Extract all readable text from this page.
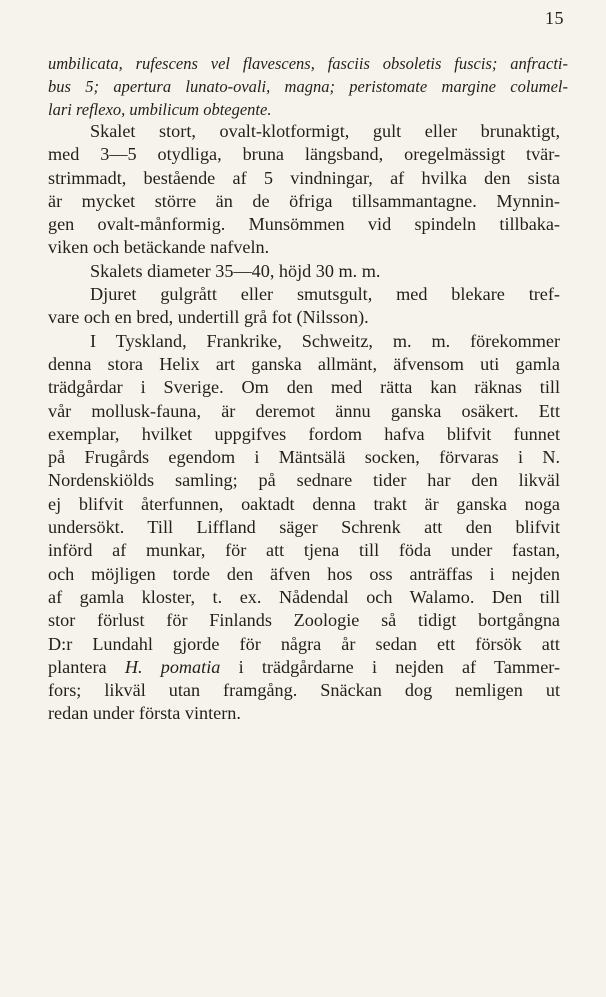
15
umbilicata, rufescens vel flavescens, fasciis obsoletis fuscis; anfracti-
bus 5; apertura lunato-ovali, magna; peristomate margine columel-
lari reflexo, umbilicum obtegente.
Skalet stort, ovalt-klotformigt, gult eller brunaktigt,
med 3—5 otydliga, bruna längsband, oregelmässigt tvär-
strimmadt, bestående af 5 vindningar, af hvilka den sista
är mycket större än de öfriga tillsammantagne. Mynnin-
gen ovalt-månformig. Munsömmen vid spindeln tillbaka-
viken och betäckande nafveln.
Skalets diameter 35—40, höjd 30 m. m.
Djuret gulgrått eller smutsgult, med blekare tref-
vare och en bred, undertill grå fot (Nilsson).
I Tyskland, Frankrike, Schweitz, m. m. förekommer
denna stora Helix art ganska allmänt, äfvensom uti gamla
trädgårdar i Sverige. Om den med rätta kan räknas till
vår mollusk-fauna, är deremot ännu ganska osäkert. Ett
exemplar, hvilket uppgifves fordom hafva blifvit funnet
på Frugårds egendom i Mäntsälä socken, förvaras i N.
Nordenskiölds samling; på sednare tider har den likväl
ej blifvit återfunnen, oaktadt denna trakt är ganska noga
undersökt. Till Liffland säger Schrenk att den blifvit
införd af munkar, för att tjena till föda under fastan,
och möjligen torde den äfven hos oss anträffas i nejden
af gamla kloster, t. ex. Nådendal och Walamo. Den till
stor förlust för Finlands Zoologie så tidigt bortgångna
D:r Lundahl gjorde för några år sedan ett försök att
plantera H. pomatia i trädgårdarne i nejden af Tammer-
fors; likväl utan framgång. Snäckan dog nemligen ut
redan under första vintern.
